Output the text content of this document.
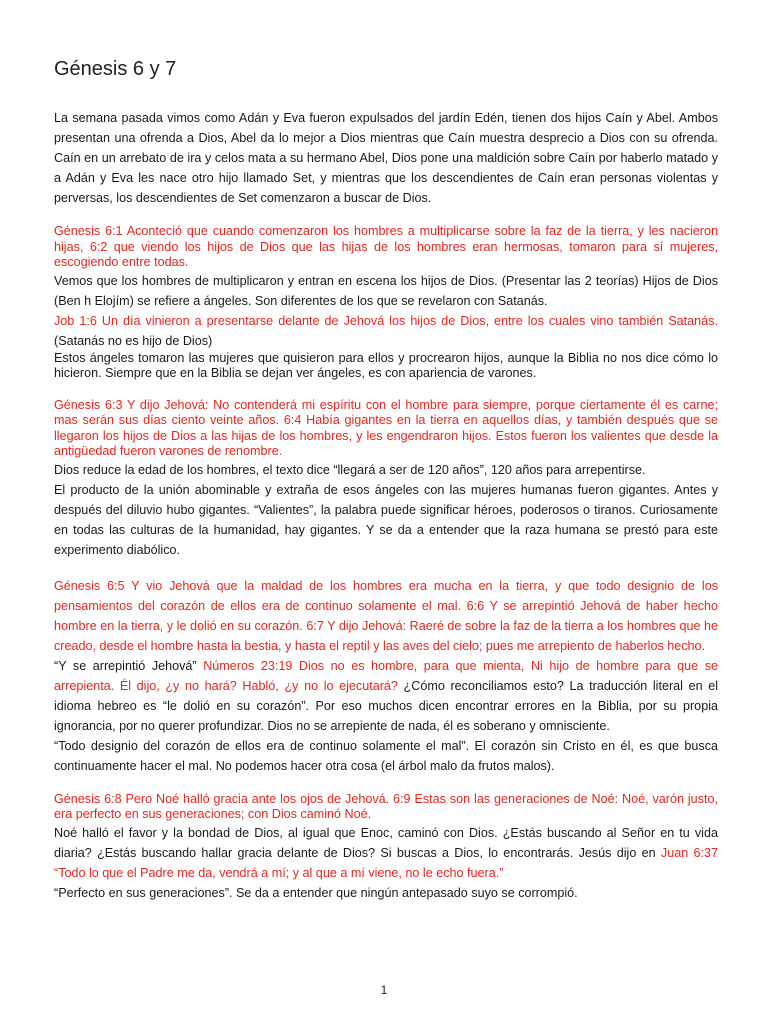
Génesis 6 y 7

La semana pasada vimos como Adán y Eva fueron expulsados del jardín Edén, tienen dos hijos Caín y Abel. Ambos presentan una ofrenda a Dios, Abel da lo mejor a Dios mientras que Caín muestra desprecio a Dios con su ofrenda. Caín en un arrebato de ira y celos mata a su hermano Abel, Dios pone una maldición sobre Caín por haberlo matado y a Adán y Eva les nace otro hijo llamado Set, y mientras que los descendientes de Caín eran personas violentas y perversas, los descendientes de Set comenzaron a buscar de Dios.

Génesis 6:1 Aconteció que cuando comenzaron los hombres a multiplicarse sobre la faz de la tierra, y les nacieron hijas, 6:2 que viendo los hijos de Dios que las hijas de los hombres eran hermosas, tomaron para sí mujeres, escogiendo entre todas.

Vemos que los hombres de multiplicaron y entran en escena los hijos de Dios. (Presentar las 2 teorías) Hijos de Dios (Ben h Elojím) se refiere a ángeles. Son diferentes de los que se revelaron con Satanás.

Job 1:6 Un día vinieron a presentarse delante de Jehová los hijos de Dios, entre los cuales vino también Satanás. (Satanás no es hijo de Dios)

Estos ángeles tomaron las mujeres que quisieron para ellos y procrearon hijos, aunque la Biblia no nos dice cómo lo hicieron. Siempre que en la Biblia se dejan ver ángeles, es con apariencia de varones.

Génesis 6:3 Y dijo Jehová: No contenderá mi espíritu con el hombre para siempre, porque ciertamente él es carne; mas serán sus días ciento veinte años. 6:4 Había gigantes en la tierra en aquellos días, y también después que se llegaron los hijos de Dios a las hijas de los hombres, y les engendraron hijos. Estos fueron los valientes que desde la antigüedad fueron varones de renombre.

Dios reduce la edad de los hombres, el texto dice “llegará a ser de 120 años”, 120 años para arrepentirse.

El producto de la unión abominable y extraña de esos ángeles con las mujeres humanas fueron gigantes. Antes y después del diluvio hubo gigantes. “Valientes”, la palabra puede significar héroes, poderosos o tiranos. Curiosamente en todas las culturas de la humanidad, hay gigantes. Y se da a entender que la raza humana se prestó para este experimento diabólico.

Génesis 6:5 Y vio Jehová que la maldad de los hombres era mucha en la tierra, y que todo designio de los pensamientos del corazón de ellos era de continuo solamente el mal. 6:6 Y se arrepintió Jehová de haber hecho hombre en la tierra, y le dolió en su corazón. 6:7 Y dijo Jehová: Raeré de sobre la faz de la tierra a los hombres que he creado, desde el hombre hasta la bestia, y hasta el reptil y las aves del cielo; pues me arrepiento de haberlos hecho.

“Y se arrepintió Jehová” Números 23:19 Dios no es hombre, para que mienta, Ni hijo de hombre para que se arrepienta. Él dijo, ¿y no hará? Habló, ¿y no lo ejecutará? ¿Cómo reconciliamos esto? La traducción literal en el idioma hebreo es “le dolió en su corazón”. Por eso muchos dicen encontrar errores en la Biblia, por su propia ignorancia, por no querer profundizar. Dios no se arrepiente de nada, él es soberano y omnisciente.

“Todo designio del corazón de ellos era de continuo solamente el mal”. El corazón sin Cristo en él, es que busca continuamente hacer el mal. No podemos hacer otra cosa (el árbol malo da frutos malos).

Génesis 6:8 Pero Noé halló gracia ante los ojos de Jehová. 6:9 Estas son las generaciones de Noé: Noé, varón justo, era perfecto en sus generaciones; con Dios caminó Noé.

Noé halló el favor y la bondad de Dios, al igual que Enoc, caminó con Dios. ¿Estás buscando al Señor en tu vida diaria? ¿Estás buscando hallar gracia delante de Dios? Si buscas a Dios, lo encontrarás. Jesús dijo en Juan 6:37 “Todo lo que el Padre me da, vendrá a mí; y al que a mí viene, no le echo fuera.”

“Perfecto en sus generaciones”. Se da a entender que ningún antepasado suyo se corrompió.

1
